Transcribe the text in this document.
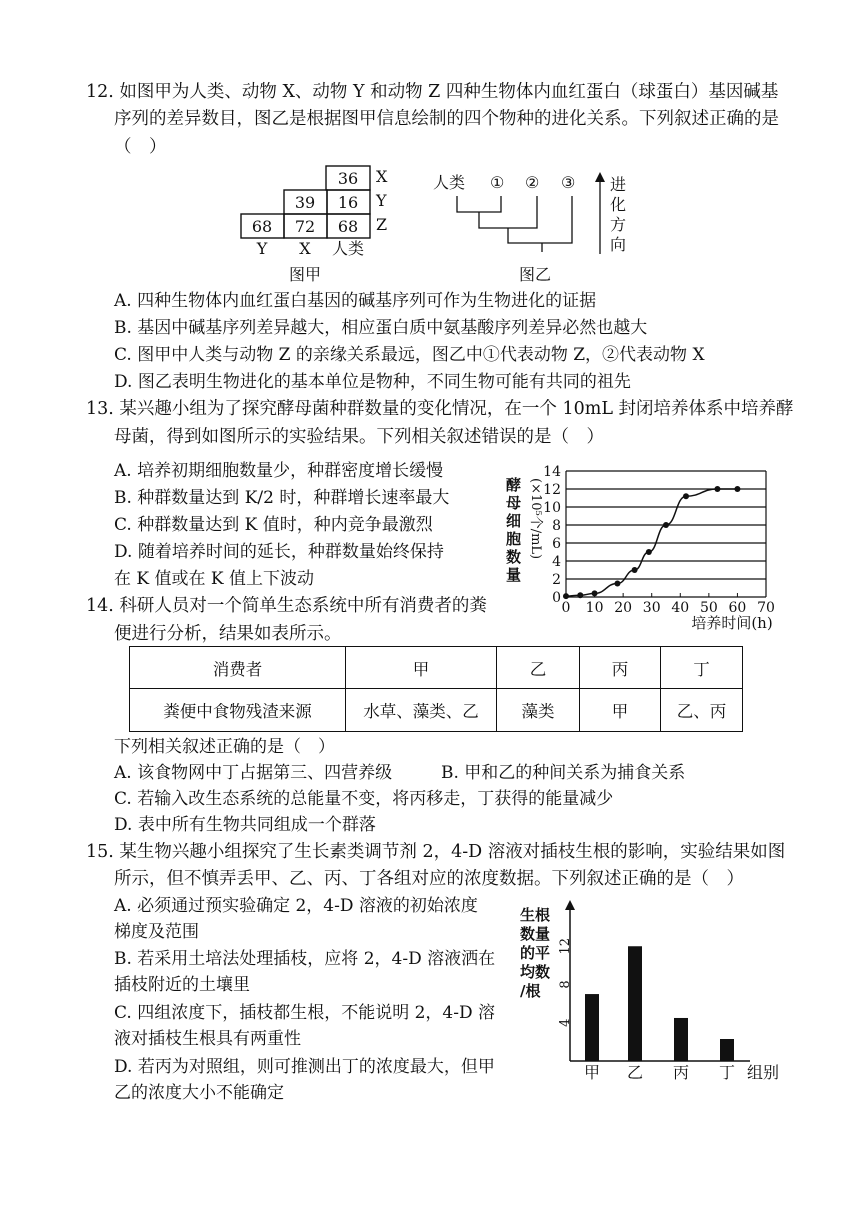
12. 如图甲为人类、动物 X、动物 Y 和动物 Z 四种生物体内血红蛋白（球蛋白）基因碱基
序列的差异数目，图乙是根据图甲信息绘制的四个物种的进化关系。下列叙述正确的是
（　）
36
39 16
68 72 68
X
Y
Z
Y X 人类
图甲
人类 ① ② ③ 进
化
方
向
图乙
A. 四种生物体内血红蛋白基因的碱基序列可作为生物进化的证据
B. 基因中碱基序列差异越大，相应蛋白质中氨基酸序列差异必然也越大
C. 图甲中人类与动物 Z 的亲缘关系最远，图乙中①代表动物 Z，②代表动物 X
D. 图乙表明生物进化的基本单位是物种，不同生物可能有共同的祖先
13. 某兴趣小组为了探究酵母菌种群数量的变化情况，在一个 10mL 封闭培养体系中培养酵
母菌，得到如图所示的实验结果。下列相关叙述错误的是（　）
A. 培养初期细胞数量少，种群密度增长缓慢
B. 种群数量达到 K/2 时，种群增长速率最大
C. 种群数量达到 K 值时，种内竞争最激烈
D. 随着培养时间的延长，种群数量始终保持
在 K 值或在 K 值上下波动
0
2
4
6
8
10
12
14
0 10 20 30 40 50 60 70
酵
母
细
胞
数
量
(×10⁵个/mL)
培养时间(h)
14. 科研人员对一个简单生态系统中所有消费者的粪
便进行分析，结果如表所示。
消费者	甲	乙	丙	丁
粪便中食物残渣来源	水草、藻类、乙	藻类	甲	乙、丙
下列相关叙述正确的是（　）
A. 该食物网中丁占据第三、四营养级	B. 甲和乙的种间关系为捕食关系
C. 若输入改生态系统的总能量不变，将丙移走，丁获得的能量减少
D. 表中所有生物共同组成一个群落
15. 某生物兴趣小组探究了生长素类调节剂 2，4-D 溶液对插枝生根的影响，实验结果如图
所示，但不慎弄丢甲、乙、丙、丁各组对应的浓度数据。下列叙述正确的是（　）
A. 必须通过预实验确定 2，4-D 溶液的初始浓度
梯度及范围
B. 若采用土培法处理插枝，应将 2，4-D 溶液洒在
插枝附近的土壤里
C. 四组浓度下，插枝都生根，不能说明 2，4-D 溶
液对插枝生根具有两重性
D. 若丙为对照组，则可推测出丁的浓度最大，但甲
乙的浓度大小不能确定
生根
数量
的平
均数
/根
4
8
12
甲 乙 丙 丁 组别
